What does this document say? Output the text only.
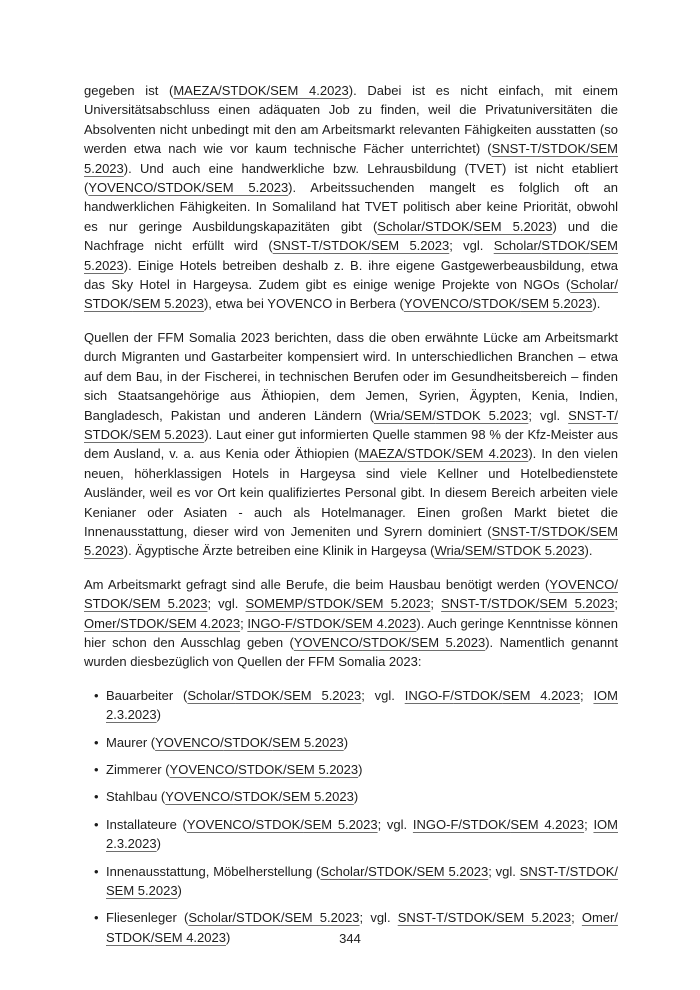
gegeben ist (MAEZA/STDOK/SEM 4.2023). Dabei ist es nicht einfach, mit einem Universitätsabschluss einen adäquaten Job zu finden, weil die Privatuniversitäten die Absolventen nicht unbedingt mit den am Arbeitsmarkt relevanten Fähigkeiten ausstatten (so werden etwa nach wie vor kaum technische Fächer unterrichtet) (SNST-T/STDOK/SEM 5.2023). Und auch eine handwerkliche bzw. Lehrausbildung (TVET) ist nicht etabliert (YOVENCO/STDOK/SEM 5.2023). Arbeitssuchenden mangelt es folglich oft an handwerklichen Fähigkeiten. In Somaliland hat TVET politisch aber keine Priorität, obwohl es nur geringe Ausbildungskapazitäten gibt (Scholar/STDOK/SEM 5.2023) und die Nachfrage nicht erfüllt wird (SNST-T/STDOK/SEM 5.2023; vgl. Scholar/STDOK/SEM 5.2023). Einige Hotels betreiben deshalb z. B. ihre eigene Gastgewerbeausbildung, etwa das Sky Hotel in Hargeysa. Zudem gibt es einige wenige Projekte von NGOs (Scholar/STDOK/SEM 5.2023), etwa bei YOVENCO in Berbera (YOVENCO/STDOK/SEM 5.2023).

Quellen der FFM Somalia 2023 berichten, dass die oben erwähnte Lücke am Arbeitsmarkt durch Migranten und Gastarbeiter kompensiert wird. In unterschiedlichen Branchen – etwa auf dem Bau, in der Fischerei, in technischen Berufen oder im Gesundheitsbereich – finden sich Staatsangehörige aus Äthiopien, dem Jemen, Syrien, Ägypten, Kenia, Indien, Bangladesch, Pakistan und anderen Ländern (Wria/SEM/STDOK 5.2023; vgl. SNST-T/STDOK/SEM 5.2023). Laut einer gut informierten Quelle stammen 98 % der Kfz-Meister aus dem Ausland, v. a. aus Kenia oder Äthiopien (MAEZA/STDOK/SEM 4.2023). In den vielen neuen, höherklassigen Hotels in Hargeysa sind viele Kellner und Hotelbedienstete Ausländer, weil es vor Ort kein qualifiziertes Personal gibt. In diesem Bereich arbeiten viele Kenianer oder Asiaten - auch als Hotelmanager. Einen großen Markt bietet die Innenausstattung, dieser wird von Jemeniten und Syrern dominiert (SNST-T/STDOK/SEM 5.2023). Ägyptische Ärzte betreiben eine Klinik in Hargeysa (Wria/SEM/STDOK 5.2023).

Am Arbeitsmarkt gefragt sind alle Berufe, die beim Hausbau benötigt werden (YOVENCO/STDOK/SEM 5.2023; vgl. SOMEMP/STDOK/SEM 5.2023; SNST-T/STDOK/SEM 5.2023; Omer/STDOK/SEM 4.2023; INGO-F/STDOK/SEM 4.2023). Auch geringe Kenntnisse können hier schon den Ausschlag geben (YOVENCO/STDOK/SEM 5.2023). Namentlich genannt wurden diesbezüglich von Quellen der FFM Somalia 2023:

•
Bauarbeiter (Scholar/STDOK/SEM 5.2023; vgl. INGO-F/STDOK/SEM 4.2023; IOM 2.3.2023)
•
Maurer (YOVENCO/STDOK/SEM 5.2023)
•
Zimmerer (YOVENCO/STDOK/SEM 5.2023)
•
Stahlbau (YOVENCO/STDOK/SEM 5.2023)
•
Installateure (YOVENCO/STDOK/SEM 5.2023; vgl. INGO-F/STDOK/SEM 4.2023; IOM 2.3.2023)
•
Innenausstattung, Möbelherstellung (Scholar/STDOK/SEM 5.2023; vgl. SNST-T/STDOK/SEM 5.2023)
•
Fliesenleger (Scholar/STDOK/SEM 5.2023; vgl. SNST-T/STDOK/SEM 5.2023; Omer/STDOK/SEM 4.2023)	344
